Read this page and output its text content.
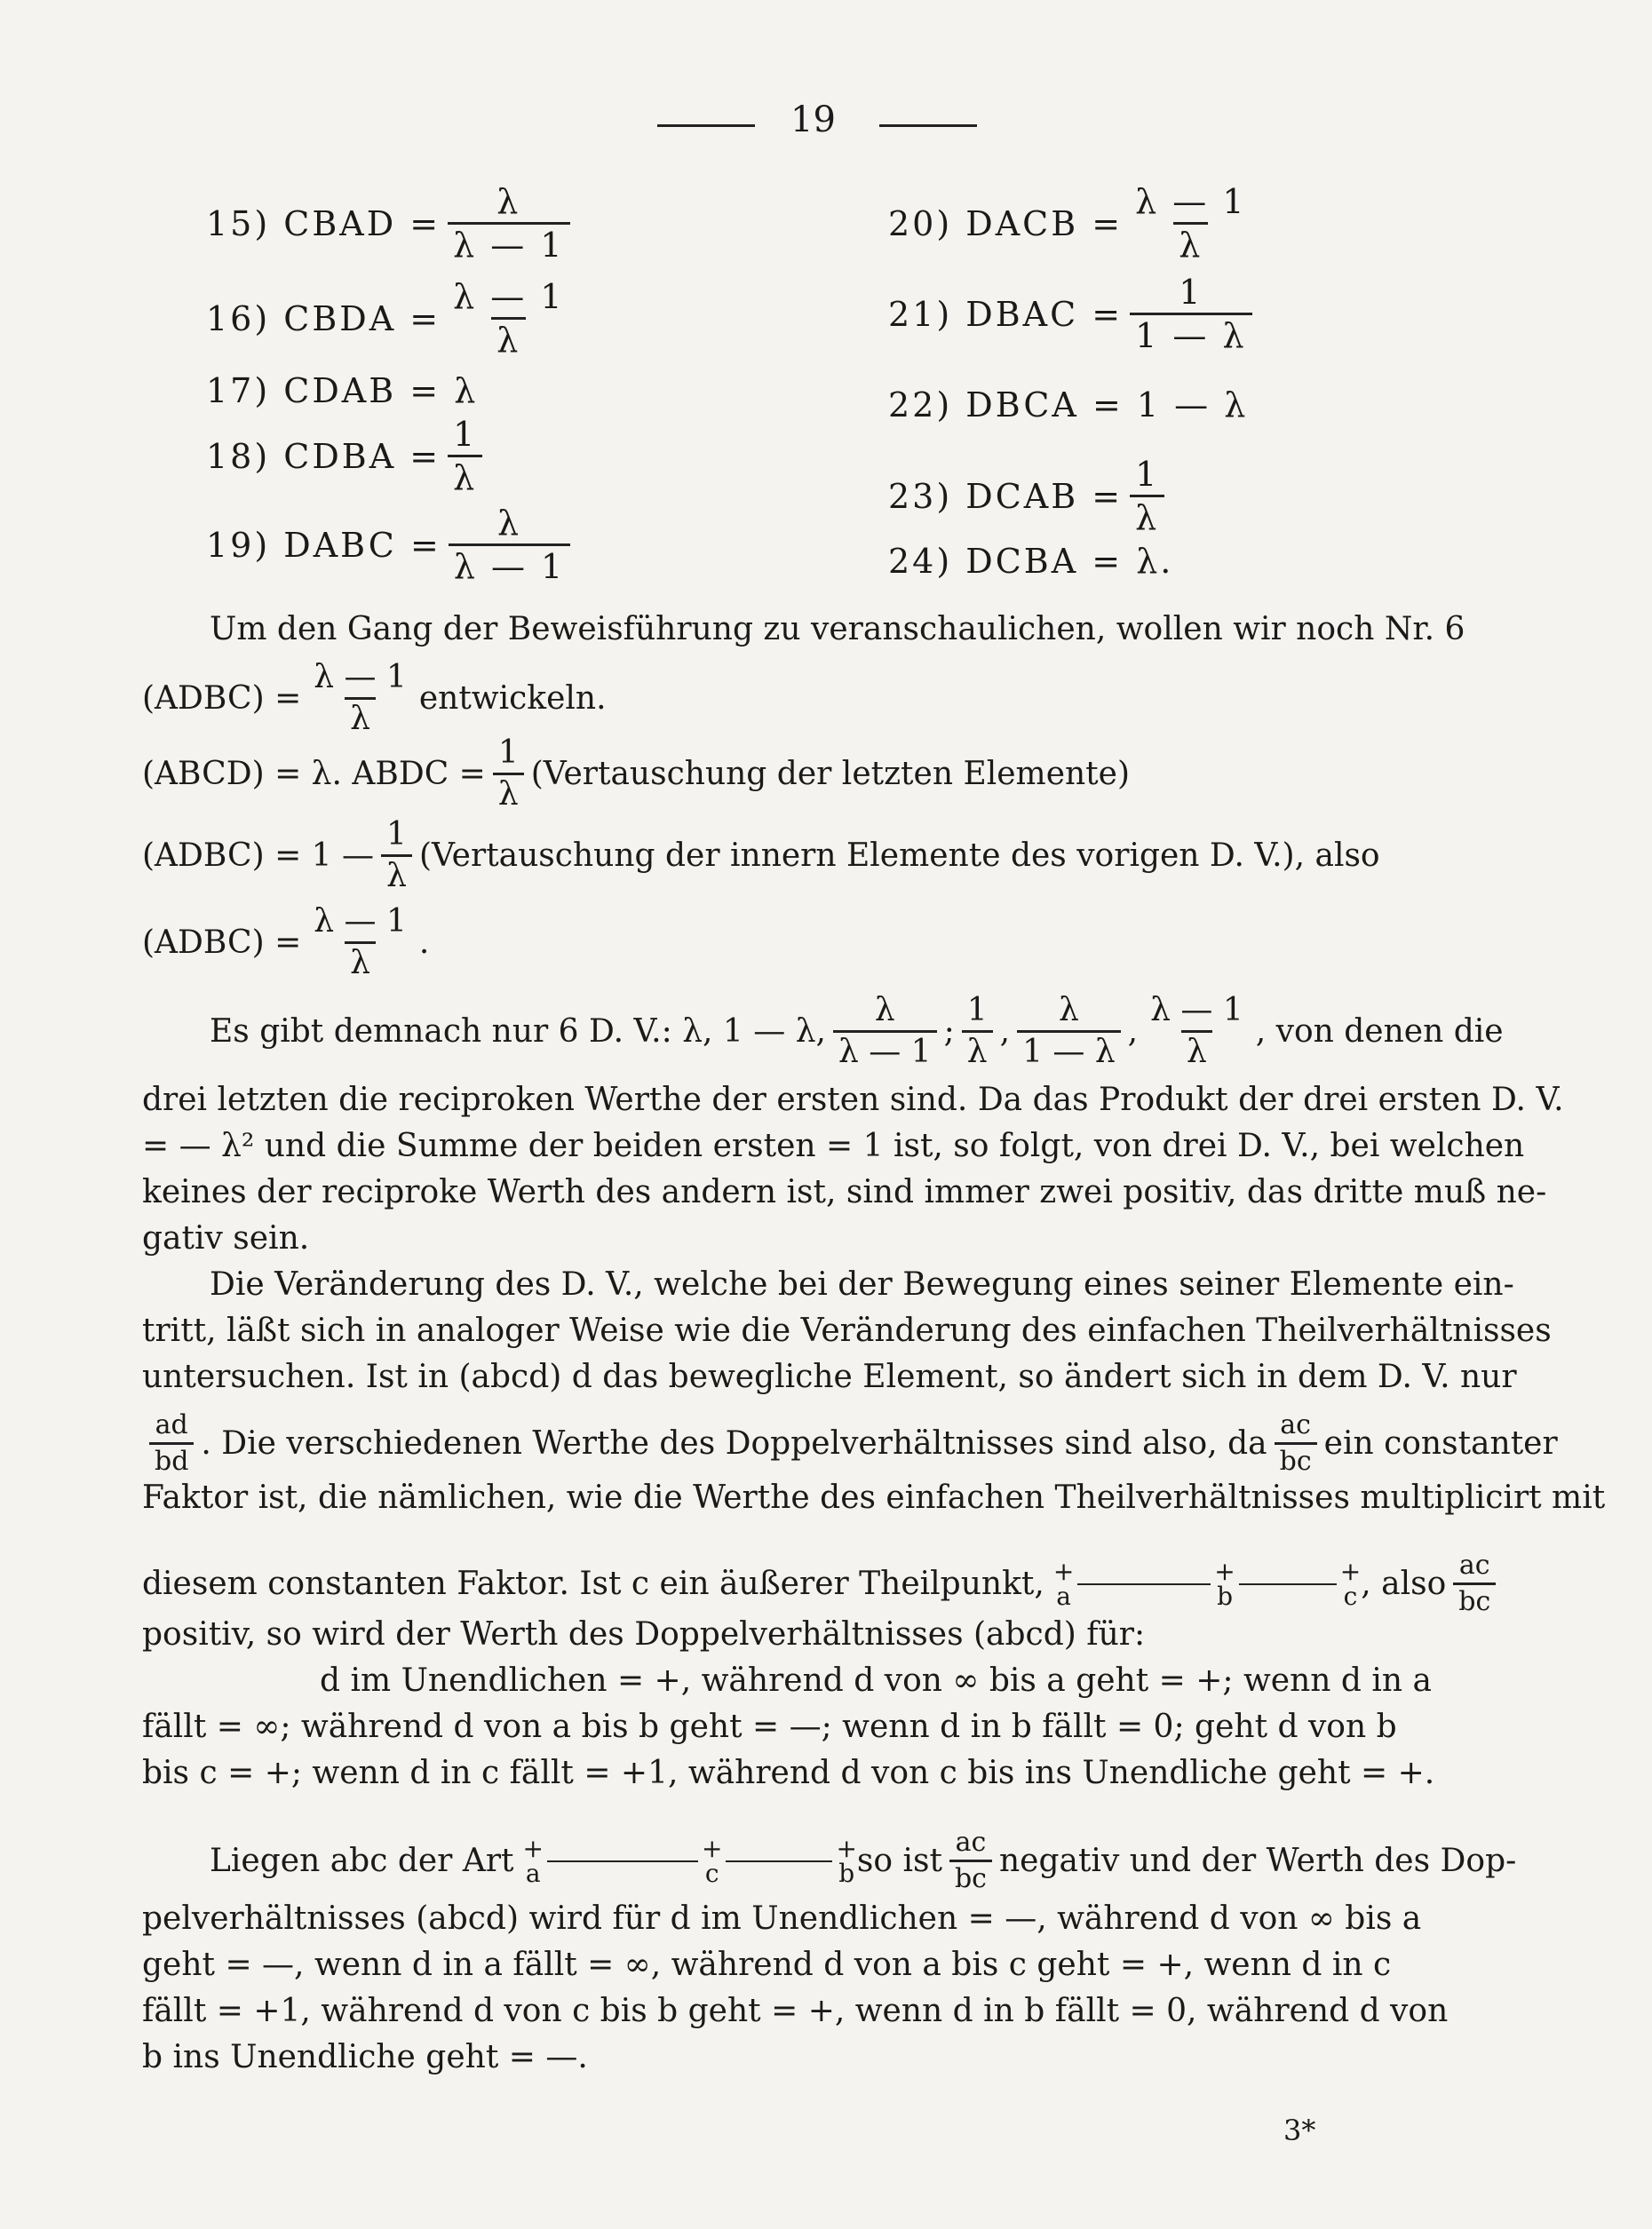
19
15) CBAD
= $\frac{\lambda}{\lambda — 1}$
16) CBDA
= $\frac{\lambda — 1}{\lambda}$
17) CDAB
=
λ
18) CDBA
= $\frac{1}{\lambda}$
19) DABC
= $\frac{\lambda}{\lambda — 1}$
20) DACB
= $\frac{\lambda — 1}{\lambda}$
21) DBAC
= $\frac{1}{1 — \lambda}$
22) DBCA
=
1 — λ
23) DCAB
= $\frac{1}{\lambda}$
24) DCBA
=
λ.
Um den Gang der Beweisführung zu veranschaulichen, wollen wir noch Nr. 6
(ADBC) = $\frac{\lambda — 1}{\lambda}$ entwickeln.
(ABCD) = λ. ABDC = $\frac{1}{\lambda}$ (Vertauschung der letzten Elemente)
(ADBC) = 1 — $\frac{1}{\lambda}$ (Vertauschung der innern Elemente des vorigen D. V.), also
(ADBC) = $\frac{\lambda — 1}{\lambda}$ .
Es gibt demnach nur 6 D. V.: λ, 1 — λ, $\frac{\lambda}{\lambda — 1}$ ; $\frac{1}{\lambda}$ , $\frac{\lambda}{1 — \lambda}$ , $\frac{\lambda — 1}{\lambda}$ , von denen die
drei letzten die reciproken Werthe der ersten sind. Da das Produkt der drei ersten D. V.
= — λ² und die Summe der beiden ersten = 1 ist, so folgt, von drei D. V., bei welchen
keines der reciproke Werth des andern ist, sind immer zwei positiv, das dritte muß ne-
gativ sein.
Die Veränderung des D. V., welche bei der Bewegung eines seiner Elemente ein-
tritt, läßt sich in analoger Weise wie die Veränderung des einfachen Theilverhältnisses
untersuchen. Ist in (abcd) d das bewegliche Element, so ändert sich in dem D. V. nur
$\frac{ad}{bd}$ . Die verschiedenen Werthe des Doppelverhältnisses sind also, da $\frac{ac}{bc}$ ein constanter
Faktor ist, die nämlichen, wie die Werthe des einfachen Theilverhältnisses multiplicirt mit
diesem constanten Faktor. Ist c ein äußerer Theilpunkt, +
a
+
b
+
c , also $\frac{ac}{bc}$
positiv, so wird der Werth des Doppelverhältnisses (abcd) für:
d im Unendlichen = +, während d von ∞ bis a geht = +; wenn d in a
fällt = ∞; während d von a bis b geht = —; wenn d in b fällt = 0; geht d von b
bis c = +; wenn d in c fällt = +1, während d von c bis ins Unendliche geht = +.
Liegen abc der Art +
a
+
c
+
b so ist $\frac{ac}{bc}$ negativ und der Werth des Dop-
pelverhältnisses (abcd) wird für d im Unendlichen = —, während d von ∞ bis a
geht = —, wenn d in a fällt = ∞, während d von a bis c geht = +, wenn d in c
fällt = +1, während d von c bis b geht = +, wenn d in b fällt = 0, während d von
b ins Unendliche geht = —.
3*
